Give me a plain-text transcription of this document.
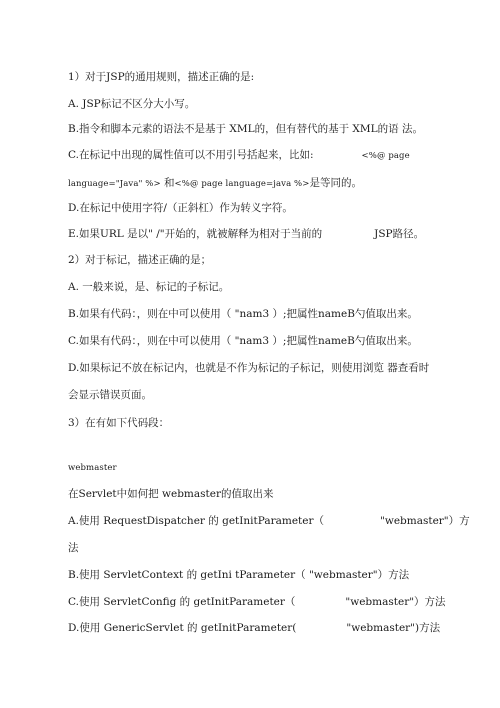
1）对于JSP的通用规则，描述正确的是:
A. JSP标记不区分大小写。
B.指令和脚本元素的语法不是基于 XML的，但有替代的基于 XML的语 法。
C.在标记中出现的属性值可以不用引号括起来，比如:	<%@ page
language="Java" %> 和<%@ page language=java %>是等同的。
D.在标记中使用字符/（正斜杠）作为转义字符。
E.如果URL 是以" /"开始的，就被解释为相对于当前的	JSP路径。
2）对于标记，描述正确的是；
A. 一般来说，是、标记的子标记。
B.如果有代码：，则在中可以使用（ "nam3 ）;把属性nameB勺值取出来。
C.如果有代码：，则在中可以使用（ "nam3 ）;把属性nameB勺值取出来。
D.如果标记不放在标记内，也就是不作为标记的子标记，则使用浏览 器查看时
会显示错误页面。
3）在有如下代码段：
webmaster
在Servlet中如何把 webmaster的值取出来
A.使用 RequestDispatcher 的 getInitParameter（	"webmaster"）方
法
B.使用 ServletContext 的 getIni tParameter（ "webmaster"）方法
C.使用 ServletConfig 的 getInitParameter（	"webmaster"）方法
D.使用 GenericServlet 的 getInitParameter(	"webmaster")方法
